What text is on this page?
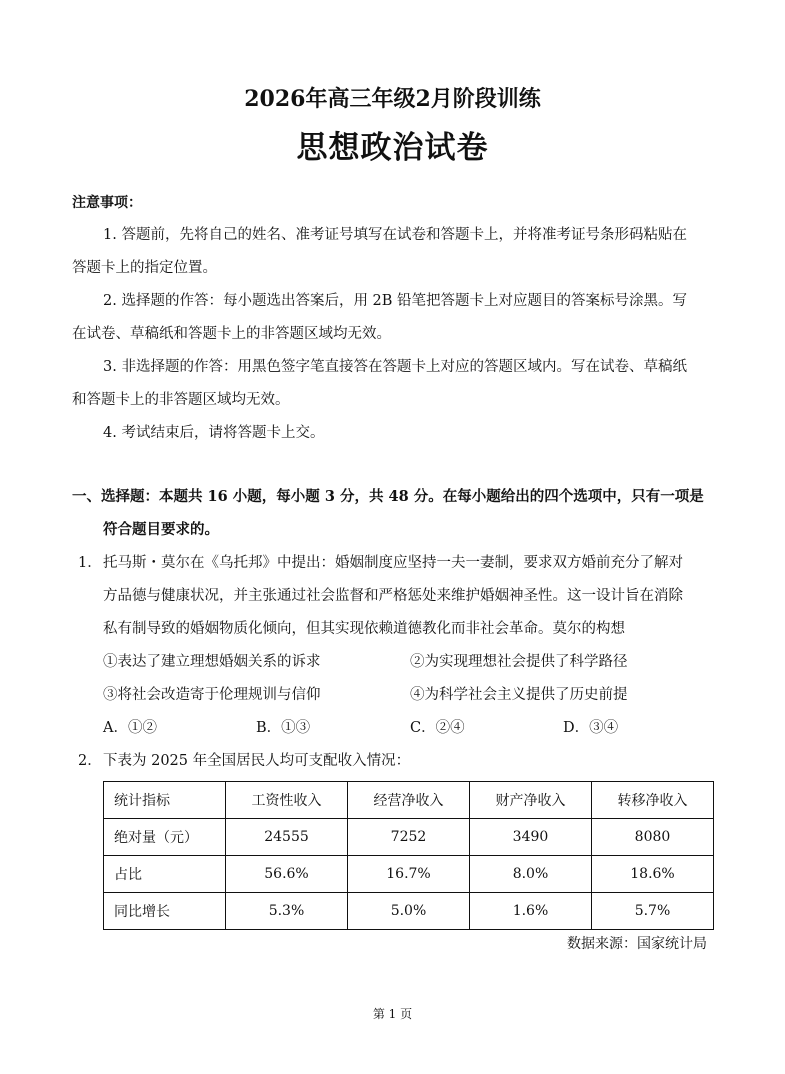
2026年高三年级2月阶段训练
思想政治试卷
注意事项：
1. 答题前，先将自己的姓名、准考证号填写在试卷和答题卡上，并将准考证号条形码粘贴在
答题卡上的指定位置。
2. 选择题的作答：每小题选出答案后，用 2B 铅笔把答题卡上对应题目的答案标号涂黑。写
在试卷、草稿纸和答题卡上的非答题区域均无效。
3. 非选择题的作答：用黑色签字笔直接答在答题卡上对应的答题区域内。写在试卷、草稿纸
和答题卡上的非答题区域均无效。
4. 考试结束后，请将答题卡上交。
一、选择题：本题共 16 小题，每小题 3 分，共 48 分。在每小题给出的四个选项中，只有一项是
符合题目要求的。
1． 托马斯・莫尔在《乌托邦》中提出：婚姻制度应坚持一夫一妻制，要求双方婚前充分了解对
方品德与健康状况，并主张通过社会监督和严格惩处来维护婚姻神圣性。这一设计旨在消除
私有制导致的婚姻物质化倾向，但其实现依赖道德教化而非社会革命。莫尔的构想
①表达了建立理想婚姻关系的诉求	②为实现理想社会提供了科学路径
③将社会改造寄于伦理规训与信仰	④为科学社会主义提供了历史前提
A．①②	B．①③	C．②④	D．③④
2． 下表为 2025 年全国居民人均可支配收入情况：
统计指标	工资性收入	经营净收入	财产净收入	转移净收入
绝对量（元）	24555	7252	3490	8080
占比	56.6%	16.7%	8.0%	18.6%
同比增长	5.3%	5.0%	1.6%	5.7%
数据来源：国家统计局
第 1 页
